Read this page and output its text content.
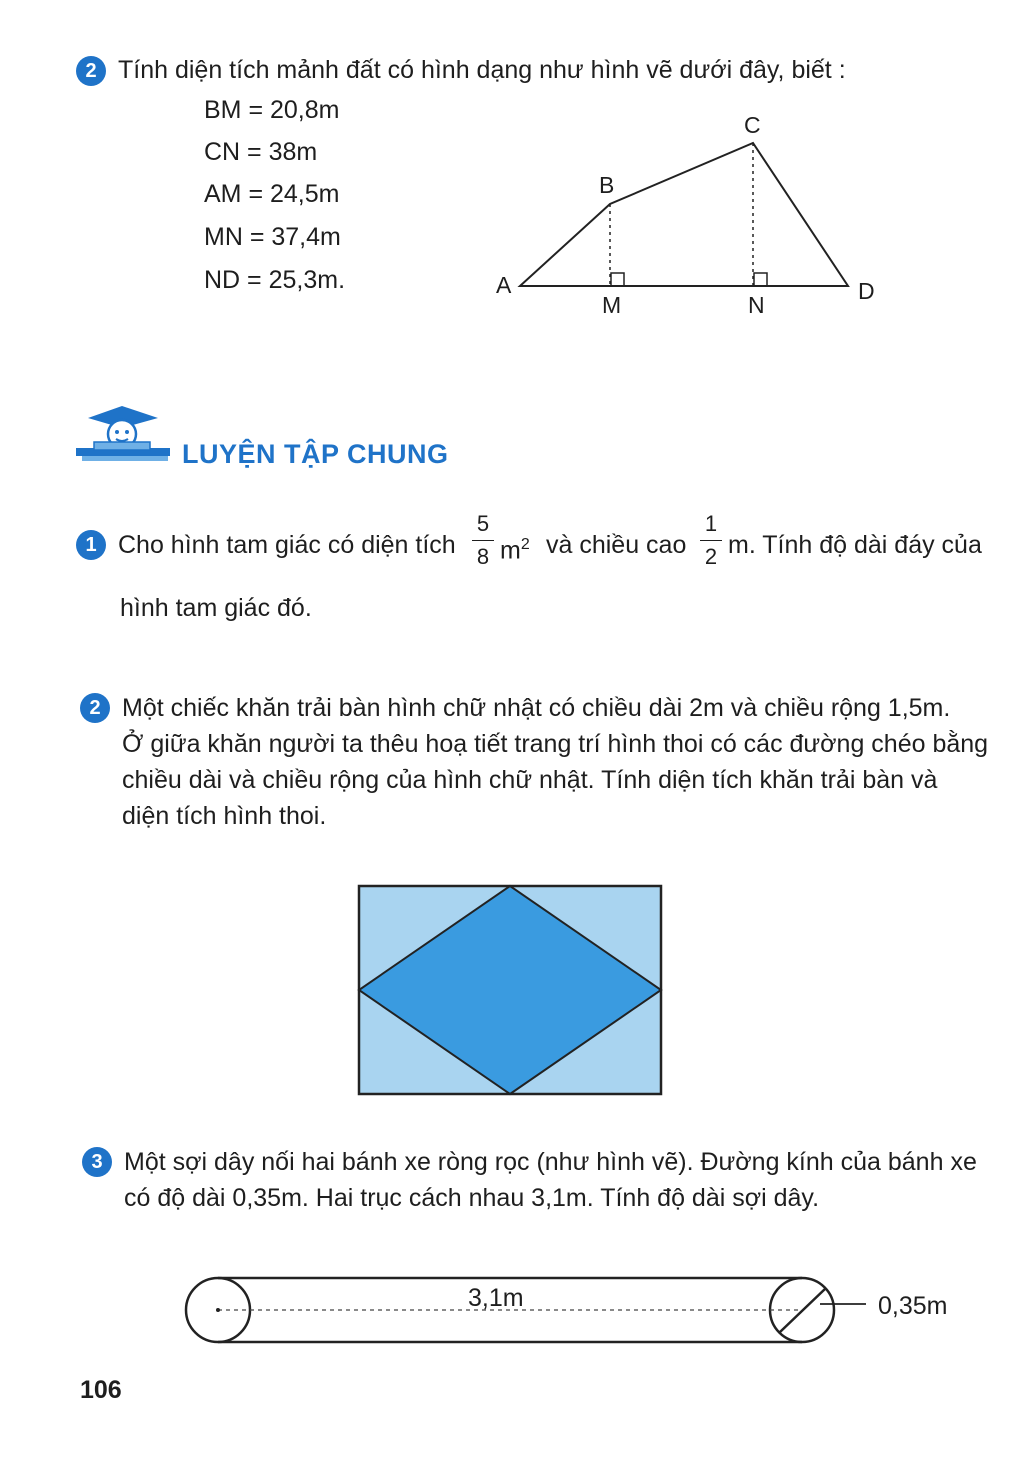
2 Tính diện tích mảnh đất có hình dạng như hình vẽ dưới đây, biết :
BM = 20,8m
CN = 38m
AM = 24,5m
MN = 37,4m
ND = 25,3m.	A
B
C
D
M	N
LUYỆN TẬP CHUNG
1 Cho hình tam giác có diện tích
5
8 $m^2$ và chiều cao
1
2 m. Tính độ dài đáy của
hình tam giác đó.
2 Một chiếc khăn trải bàn hình chữ nhật có chiều dài 2m và chiều rộng 1,5m.
Ở giữa khăn người ta thêu hoạ tiết trang trí hình thoi có các đường chéo bằng
chiều dài và chiều rộng của hình chữ nhật. Tính diện tích khăn trải bàn và
diện tích hình thoi.
3 Một sợi dây nối hai bánh xe ròng rọc (như hình vẽ). Đường kính của bánh xe
có độ dài 0,35m. Hai trục cách nhau 3,1m. Tính độ dài sợi dây.
3,1m	0,35m
106
